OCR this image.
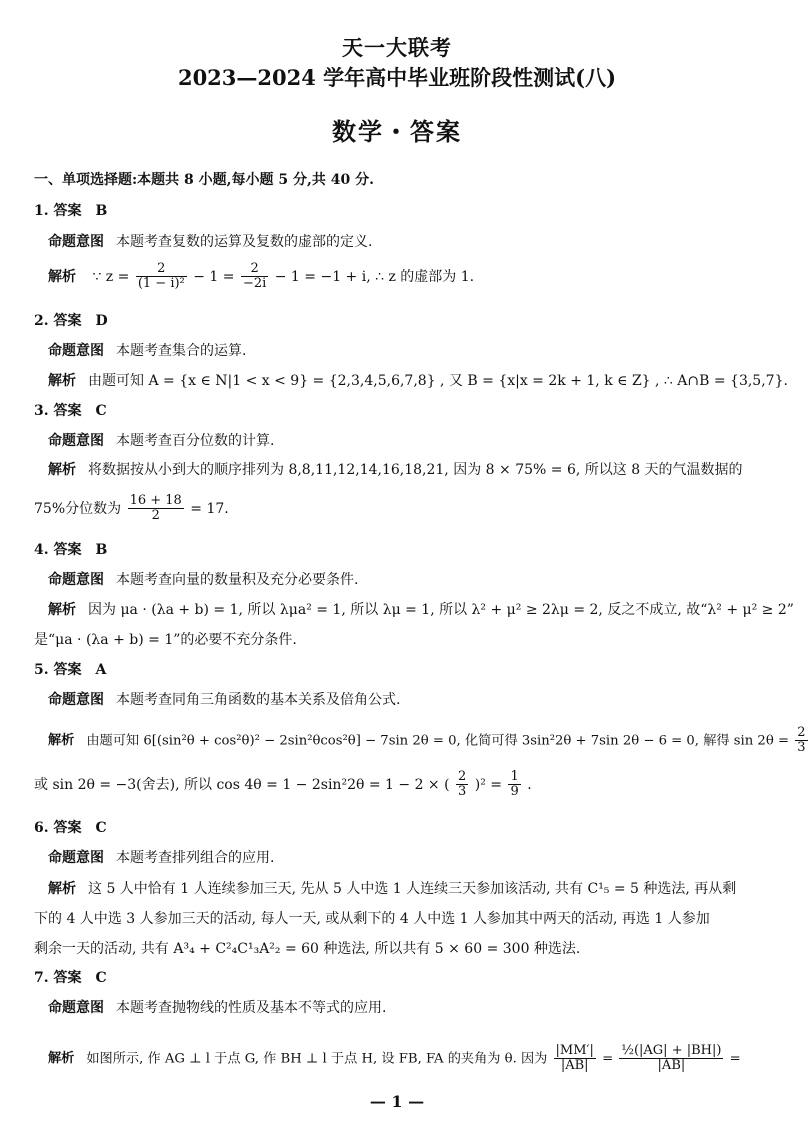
天一大联考
2023—2024 学年高中毕业班阶段性测试(八)
数学・答案
一、单项选择题:本题共 8 小题,每小题 5 分,共 40 分.
1. 答案　B
命题意图 本题考查复数的运算及复数的虚部的定义.
解析 ∵ $z = \frac{2}{\text{(1 − i)²}} - 1 = \frac{2}{-2i} - 1 = -1 + i$, ∴ z 的虚部为 1.
2. 答案　D
命题意图 本题考查集合的运算.
解析 由题可知 A = {x ∈ N|1 < x < 9} = {2,3,4,5,6,7,8} , 又 B = {x|x = 2k + 1, k ∈ Z} , ∴ A∩B = {3,5,7}.
3. 答案　C
命题意图 本题考查百分位数的计算.
解析 将数据按从小到大的顺序排列为 8,8,11,12,14,16,18,21, 因为 8 × 75% = 6, 所以这 8 天的气温数据的
75%分位数为 $\frac{16 + 18}{2} = 17$.
4. 答案　B
命题意图 本题考查向量的数量积及充分必要条件.
解析 因为 μa · (λa + b) = 1, 所以 λμa² = 1, 所以 λμ = 1, 所以 λ² + μ² ≥ 2λμ = 2, 反之不成立, 故“λ² + μ² ≥ 2”
是“μa · (λa + b) = 1”的必要不充分条件.
5. 答案　A
命题意图 本题考查同角三角函数的基本关系及倍角公式.
解析 由题可知 6[(sin²θ + cos²θ)² − 2sin²θcos²θ] − 7sin 2θ = 0, 化简可得 3sin²2θ + 7sin 2θ − 6 = 0, 解得 $\sin 2\theta = \frac{2}{3}$
或 sin 2θ = −3(舍去), 所以 cos 4θ = 1 − 2sin²2θ = 1 − 2 × ( $\frac{2}{3} )^2 = \frac{1}{9}$ .
6. 答案　C
命题意图 本题考查排列组合的应用.
解析 这 5 人中恰有 1 人连续参加三天, 先从 5 人中选 1 人连续三天参加该活动, 共有 C¹₅ = 5 种选法, 再从剩
下的 4 人中选 3 人参加三天的活动, 每人一天, 或从剩下的 4 人中选 1 人参加其中两天的活动, 再选 1 人参加
剩余一天的活动, 共有 A³₄ + C²₄C¹₃A²₂ = 60 种选法, 所以共有 5 × 60 = 300 种选法.
7. 答案　C
命题意图 本题考查抛物线的性质及基本不等式的应用.
解析 如图所示, 作 AG ⊥ l 于点 G, 作 BH ⊥ l 于点 H, 设 FB, FA 的夹角为 θ. 因为 $\frac{|MM'|}{|AB|} = \frac{\text{½(|AG| + |BH|)}}{|AB|}$ =
— 1 —
